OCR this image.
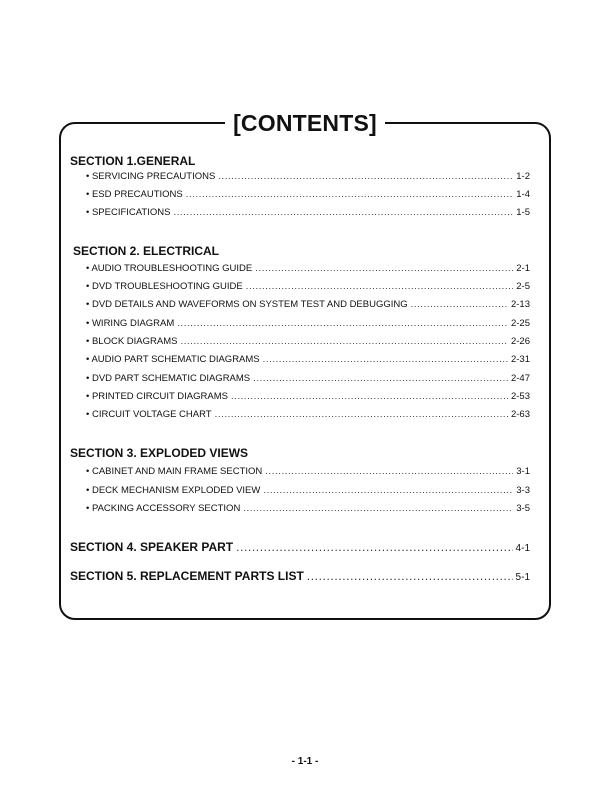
[CONTENTS]
SECTION 1.GENERAL
• SERVICING PRECAUTIONS .....	1-2
• ESD PRECAUTIONS .....	1-4
• SPECIFICATIONS .....	1-5
SECTION 2. ELECTRICAL
• AUDIO TROUBLESHOOTING GUIDE .....	2-1
• DVD TROUBLESHOOTING GUIDE .....	2-5
• DVD DETAILS AND WAVEFORMS ON SYSTEM TEST AND DEBUGGING .....	2-13
• WIRING DIAGRAM .....	2-25
• BLOCK DIAGRAMS .....	2-26
• AUDIO PART SCHEMATIC DIAGRAMS .....	2-31
• DVD PART SCHEMATIC DIAGRAMS .....	2-47
• PRINTED CIRCUIT DIAGRAMS .....	2-53
• CIRCUIT VOLTAGE CHART .....	2-63
SECTION 3. EXPLODED VIEWS
• CABINET AND MAIN FRAME SECTION .....	3-1
• DECK MECHANISM EXPLODED VIEW .....	3-3
• PACKING ACCESSORY SECTION .....	3-5
SECTION 4. SPEAKER PART .....	4-1
SECTION 5. REPLACEMENT PARTS LIST .....	5-1
- 1-1 -
